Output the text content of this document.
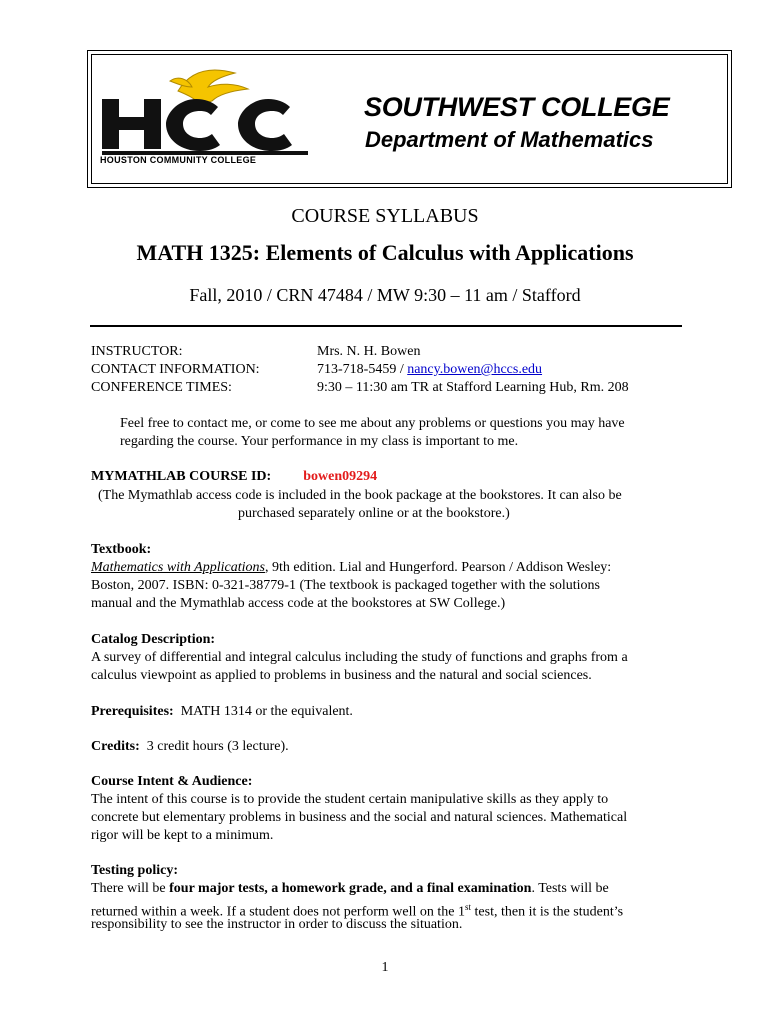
HOUSTON COMMUNITY COLLEGE
SOUTHWEST COLLEGE
Department of Mathematics
COURSE SYLLABUS
MATH 1325: Elements of Calculus with Applications
Fall, 2010 / CRN 47484 / MW 9:30 – 11 am / Stafford
INSTRUCTOR:
CONTACT INFORMATION:
CONFERENCE TIMES:
Mrs. N. H. Bowen
713-718-5459 / nancy.bowen@hccs.edu
9:30 – 11:30 am TR at Stafford Learning Hub, Rm. 208
Feel free to contact me, or come to see me about any problems or questions you may have
regarding the course. Your performance in my class is important to me.
MYMATHLAB COURSE ID: bowen09294
(The Mymathlab access code is included in the book package at the bookstores. It can also be
purchased separately online or at the bookstore.)
Textbook:
Mathematics with Applications, 9th edition. Lial and Hungerford. Pearson / Addison Wesley:
Boston, 2007. ISBN: 0-321-38779-1 (The textbook is packaged together with the solutions
manual and the Mymathlab access code at the bookstores at SW College.)
Catalog Description:
A survey of differential and integral calculus including the study of functions and graphs from a
calculus viewpoint as applied to problems in business and the natural and social sciences.
Prerequisites: MATH 1314 or the equivalent.
Credits: 3 credit hours (3 lecture).
Course Intent & Audience:
The intent of this course is to provide the student certain manipulative skills as they apply to
concrete but elementary problems in business and the social and natural sciences. Mathematical
rigor will be kept to a minimum.
Testing policy:
There will be four major tests, a homework grade, and a final examination. Tests will be
returned within a week. If a student does not perform well on the 1st test, then it is the student’s
responsibility to see the instructor in order to discuss the situation.
1
